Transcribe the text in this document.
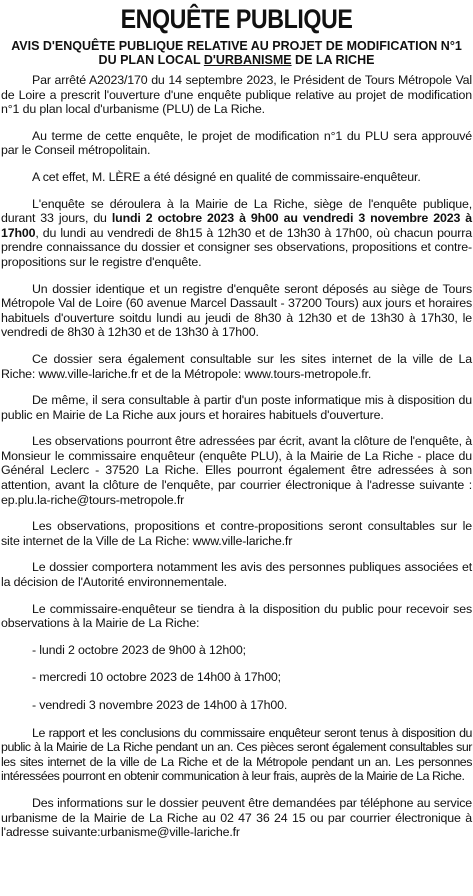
ENQUÊTE PUBLIQUE
AVIS D'ENQUÊTE PUBLIQUE RELATIVE AU PROJET DE MODIFICATION N°1 DU PLAN LOCAL D'URBANISME DE LA RICHE

Par arrêté A2023/170 du 14 septembre 2023, le Président de Tours Métropole Val de Loire a prescrit l'ouverture d'une enquête publique relative au projet de modification n°1 du plan local d'urbanisme (PLU) de La Riche.

Au terme de cette enquête, le projet de modification n°1 du PLU sera approuvé par le Conseil métropolitain.

A cet effet, M. LÈRE a été désigné en qualité de commissaire-enquêteur.

L'enquête se déroulera à la Mairie de La Riche, siège de l'enquête publique, durant 33 jours, du lundi 2 octobre 2023 à 9h00 au vendredi 3 novembre 2023 à 17h00, du lundi au vendredi de 8h15 à 12h30 et de 13h30 à 17h00, où chacun pourra prendre connaissance du dossier et consigner ses observations, propositions et contre-propositions sur le registre d'enquête.

Un dossier identique et un registre d'enquête seront déposés au siège de Tours Métropole Val de Loire (60 avenue Marcel Dassault - 37200 Tours) aux jours et horaires habituels d'ouverture soitdu lundi au jeudi de 8h30 à 12h30 et de 13h30 à 17h30, le vendredi de 8h30 à 12h30 et de 13h30 à 17h00.

Ce dossier sera également consultable sur les sites internet de la ville de La Riche: www.ville-lariche.fr et de la Métropole: www.tours-metropole.fr.

De même, il sera consultable à partir d'un poste informatique mis à disposition du public en Mairie de La Riche aux jours et horaires habituels d'ouverture.

Les observations pourront être adressées par écrit, avant la clôture de l'enquête, à Monsieur le commissaire enquêteur (enquête PLU), à la Mairie de La Riche - place du Général Leclerc - 37520 La Riche. Elles pourront également être adressées à son attention, avant la clôture de l'enquête, par courrier électronique à l'adresse suivante : ep.plu.la-riche@tours-metropole.fr

Les observations, propositions et contre-propositions seront consultables sur le site internet de la Ville de La Riche: www.ville-lariche.fr

Le dossier comportera notamment les avis des personnes publiques associées et la décision de l'Autorité environnementale.

Le commissaire-enquêteur se tiendra à la disposition du public pour recevoir ses observations à la Mairie de La Riche:

- lundi 2 octobre 2023 de 9h00 à 12h00;

- mercredi 10 octobre 2023 de 14h00 à 17h00;

- vendredi 3 novembre 2023 de 14h00 à 17h00.

Le rapport et les conclusions du commissaire enquêteur seront tenus à disposition du public à la Mairie de La Riche pendant un an. Ces pièces seront également consultables sur les sites internet de la ville de La Riche et de la Métropole pendant un an. Les personnes intéressées pourront en obtenir communication à leur frais, auprès de la Mairie de La Riche.

Des informations sur le dossier peuvent être demandées par téléphone au service urbanisme de la Mairie de La Riche au 02 47 36 24 15 ou par courrier électronique à l'adresse suivante:urbanisme@ville-lariche.fr
